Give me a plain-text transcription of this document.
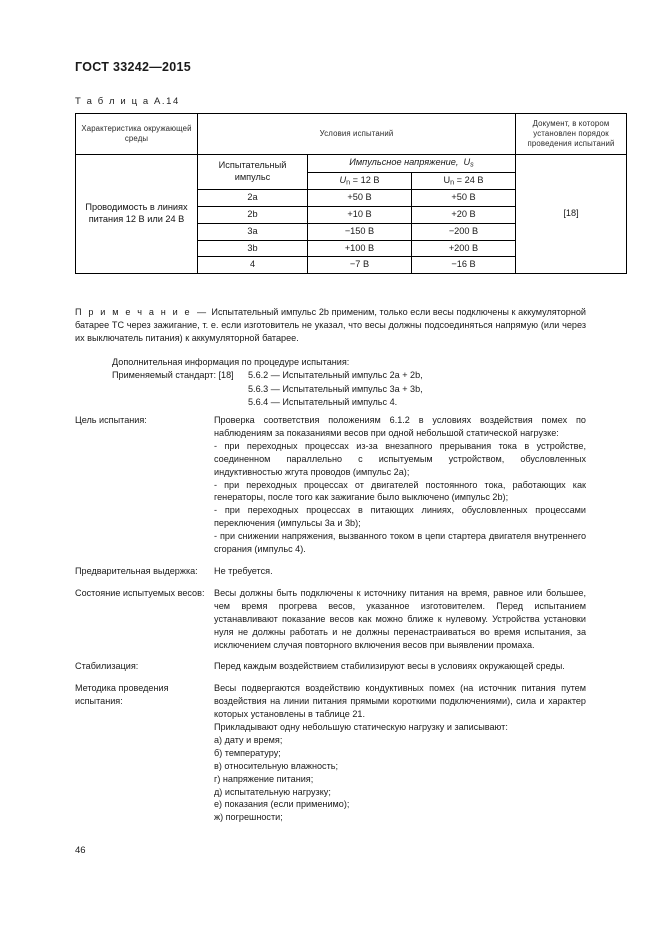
ГОСТ 33242—2015
Т а б л и ц а А.14
Характеристика окружающей среды	Условия испытаний			Документ, в котором установлен порядок проведения испытаний
Проводимость в линиях питания 12 В или 24 В	Испытательный импульс	Импульсное напряжение,  $U_s$		[18]
		$U_n = 12$ В	$U_n = 24$ В	
	2a	+50 В	+50 В	
	2b	+10 В	+20 В	
	3a	−150 В	−200 В	
	3b	+100 В	+200 В	
	4	−7 В	−16 В	
П р и м е ч а н и е  —  Испытательный импульс 2b применим, только если весы подключены к аккумуляторной батарее ТС через зажигание, т. е. если изготовитель не указал, что весы должны подсоединяться напрямую (или через их выключатель питания) к аккумуляторной батарее.
Дополнительная информация по процедуре испытания:
Применяемый стандарт: [18] 5.6.2 — Испытательный импульс 2a + 2b,
5.6.3 — Испытательный импульс 3a + 3b,
5.6.4 — Испытательный импульс 4.
Цель испытания:	Проверка соответствия положениям 6.1.2 в условиях воздействия помех по наблюдениям за показаниями весов при одной небольшой статической нагрузке:

- при переходных процессах из-за внезапного прерывания тока в устройстве, соединенном параллельно с испытуемым устройством, обусловленных индуктивностью жгута проводов (импульс 2a);

- при переходных процессах от двигателей постоянного тока, работающих как генераторы, после того как зажигание было выключено (импульс 2b);

- при переходных процессах в питающих линиях, обусловленных процессами переключения (импульсы 3a и 3b);

- при снижении напряжения, вызванного током в цепи стартера двигателя внутреннего сгорания (импульс 4).

Предварительная выдержка:	Не требуется.

Состояние испытуемых весов:	Весы должны быть подключены к источнику питания на время, равное или большее, чем время прогрева весов, указанное изготовителем. Перед испытанием устанавливают показание весов как можно ближе к нулевому. Устройства установки нуля не должны работать и не должны перенастраиваться во время испытания, за исключением случая повторного включения весов при выявлении промаха.

Стабилизация:	Перед каждым воздействием стабилизируют весы в условиях окружающей среды.

Методика проведения испытания:

Весы подвергаются воздействию кондуктивных помех (на источник питания путем воздействия на линии питания прямыми короткими подключениями), сила и характер которых установлены в таблице 21.

Прикладывают одну небольшую статическую нагрузку и записывают:

а) дату и время;

б) температуру;

в) относительную влажность;

г) напряжение питания;

д) испытательную нагрузку;

е) показания (если применимо);

ж) погрешности;

46
